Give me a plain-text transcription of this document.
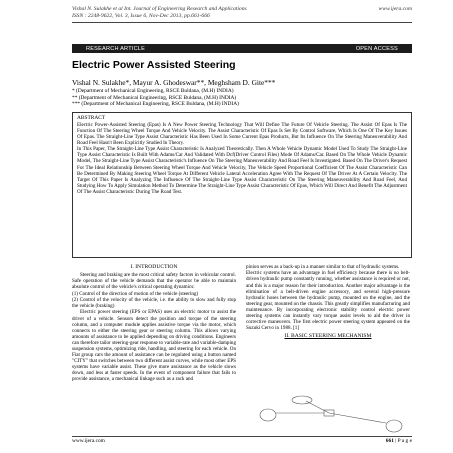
Vishal N. Sulakhe et al Int. Journal of Engineering Research and Applications	www.ijera.com
ISSN : 2248-9622, Vol. 3, Issue 6, Nov-Dec 2013, pp.661-666
RESEARCH ARTICLE	OPEN ACCESS
Electric Power Assisted Steering
Vishal N. Sulakhe*, Mayur A. Ghodeswar**, Meghsham D. Gite***
* (Department of Mechanical Engineering, RSCE Buldana, (M.H) INDIA)
** (Department of Mechanical Engineering, RSCE Buldana, (M.H) INDIA)
*** (Department of Mechanical Engineering, RSCE Buldana, (M.H) INDIA)
ABSTRACT

Electric Power-Assisted Steering (Epas) Is A New Power Steering Technology That Will Define The Future Of Vehicle Steering. The Assist Of Epas Is The Function Of The Steering Wheel Torque And Vehicle Velocity. The Assist Characteristic Of Epas Is Set By Control Software, Which Is One Of The Key Issues Of Epas. The Straight-Line Type Assist Characteristic Has Been Used In Some Current Epas Products, But Its Influence On The Steering Maneuverability And Road Feel Hasn't Been Explicitly Studied In Theory.

In This Paper, The Straight-Line Type Assist Characteristic Is Analyzed Theoretically. Then A Whole Vehicle Dynamic Model Used To Study The Straight-Line Type Assist Characteristic Is Built With Adams/Car And Validated With Dcf(Driver Control Files) Mode Of Adams/Car. Based On The Whole Vehicle Dynamic Model, The Straight-Line Type Assist Characteristic's Influence On The Steering Maneuverability And Road Feel Is Investigated. Based On The Driver's Request For The Ideal Relationship Between Steering Wheel Torque And Vehicle Velocity, The Vehicle Speed Proportional Coefficient Of The Assist Characteristic Can Be Determined By Making Steering Wheel Torque At Different Vehicle Lateral Acceleration Agree With The Request Of The Driver At A Certain Velocity. The Target Of This Paper Is Analyzing The Influence Of The Straight-Line Type Assist Characteristic On The Steering Maneuverability And Road Feel, And Studying How To Apply Simulation Method To Determine The Straight-Line Type Assist Characteristic Of Epas, Which Will Direct And Benefit The Adjustment Of The Assist Characteristic During The Road Test.

I. INTRODUCTION

Steering and braking are the most critical safety factors in vehicular control. Safe operation of the vehicle demands that the operator be able to maintain absolute control of the vehicle's critical operating dynamics:

(1) Control of the direction of motion of the vehicle (steering)

(2) Control of the velocity of the vehicle, i.e. the ability to slow and fully stop the vehicle (braking)

Electric power steering (EPS or EPAS) uses an electric motor to assist the driver of a vehicle. Sensors detect the position and torque of the steering column, and a computer module applies assistive torque via the motor, which connects to either the steering gear or steering column. This allows varying amounts of assistance to be applied depending on driving conditions. Engineers can therefore tailor steering-gear response to variable-rate and variable-damping suspension systems, optimizing ride, handling, and steering for each vehicle. On Fiat group cars the amount of assistance can be regulated using a button named "CITY" that switches between two different assist curves, while most other EPS systems have variable assist. These give more assistance as the vehicle slows down, and less at faster speeds. In the event of component failure that fails to provide assistance, a mechanical linkage such as a rack and

pinion serves as a back-up in a manner similar to that of hydraulic systems.

Electric systems have an advantage in fuel efficiency because there is no belt-driven hydraulic pump constantly running, whether assistance is required or not, and this is a major reason for their introduction. Another major advantage is the elimination of a belt-driven engine accessory, and several high-pressure hydraulic hoses between the hydraulic pump, mounted on the engine, and the steering gear, mounted on the chassis. This greatly simplifies manufacturing and maintenance. By incorporating electronic stability control electric power steering systems can instantly vary torque assist levels to aid the driver in corrective maneuvers. The first electric power steering system appeared on the Suzuki Cervo in 1988. [1]

II. BASIC STEERING MECHANISM
www.ijera.com	661 | P a g e
